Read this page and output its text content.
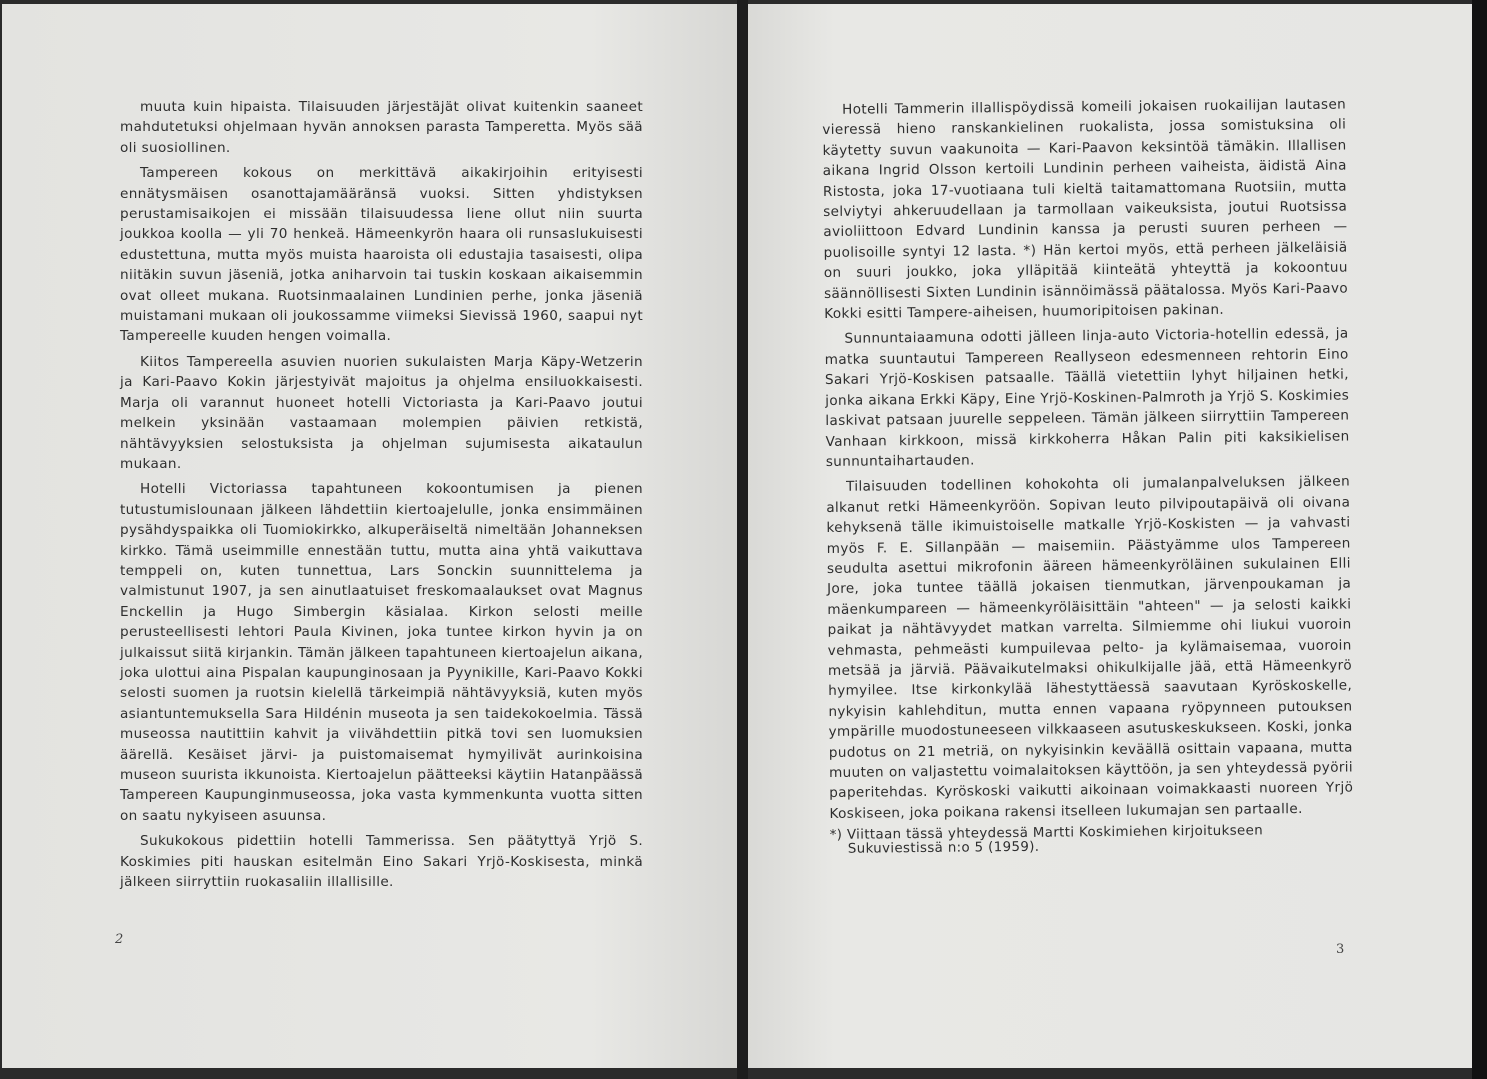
muuta kuin hipaista. Tilaisuuden järjestäjät olivat kuitenkin saaneet mahdutetuksi ohjelmaan hyvän annoksen parasta Tamperetta. Myös sää oli suosiollinen.

Tampereen kokous on merkittävä aikakirjoihin erityisesti ennätysmäisen osanottajamääränsä vuoksi. Sitten yhdistyksen perustamisaikojen ei missään tilaisuudessa liene ollut niin suurta joukkoa koolla — yli 70 henkeä. Hämeenkyrön haara oli runsaslukuisesti edustettuna, mutta myös muista haaroista oli edustajia tasaisesti, olipa niitäkin suvun jäseniä, jotka aniharvoin tai tuskin koskaan aikaisemmin ovat olleet mukana. Ruotsinmaalainen Lundinien perhe, jonka jäseniä muistamani mukaan oli joukossamme viimeksi Sievissä 1960, saapui nyt Tampereelle kuuden hengen voimalla.

Kiitos Tampereella asuvien nuorien sukulaisten Marja Käpy-Wetzerin ja Kari-Paavo Kokin järjestyivät majoitus ja ohjelma ensiluokkaisesti. Marja oli varannut huoneet hotelli Victoriasta ja Kari-Paavo joutui melkein yksinään vastaamaan molempien päivien retkistä, nähtävyyksien selostuksista ja ohjelman sujumisesta aikataulun mukaan.

Hotelli Victoriassa tapahtuneen kokoontumisen ja pienen tutustumislounaan jälkeen lähdettiin kiertoajelulle, jonka ensimmäinen pysähdyspaikka oli Tuomiokirkko, alkuperäiseltä nimeltään Johanneksen kirkko. Tämä useimmille ennestään tuttu, mutta aina yhtä vaikuttava temppeli on, kuten tunnettua, Lars Sonckin suunnittelema ja valmistunut 1907, ja sen ainutlaatuiset freskomaalaukset ovat Magnus Enckellin ja Hugo Simbergin käsialaa. Kirkon selosti meille perusteellisesti lehtori Paula Kivinen, joka tuntee kirkon hyvin ja on julkaissut siitä kirjankin. Tämän jälkeen tapahtuneen kiertoajelun aikana, joka ulottui aina Pispalan kaupunginosaan ja Pyynikille, Kari-Paavo Kokki selosti suomen ja ruotsin kielellä tärkeimpiä nähtävyyksiä, kuten myös asiantuntemuksella Sara Hildénin museota ja sen taidekokoelmia. Tässä museossa nautittiin kahvit ja viivähdettiin pitkä tovi sen luomuksien äärellä. Kesäiset järvi- ja puistomaisemat hymyilivät aurinkoisina museon suurista ikkunoista. Kiertoajelun päätteeksi käytiin Hatanpäässä Tampereen Kaupunginmuseossa, joka vasta kymmenkunta vuotta sitten on saatu nykyiseen asuunsa.

Sukukokous pidettiin hotelli Tammerissa. Sen päätyttyä Yrjö S. Koskimies piti hauskan esitelmän Eino Sakari Yrjö-Koskisesta, minkä jälkeen siirryttiin ruokasaliin illallisille.

2

Hotelli Tammerin illallispöydissä komeili jokaisen ruokailijan lautasen vieressä hieno ranskankielinen ruokalista, jossa somistuksina oli käytetty suvun vaakunoita — Kari-Paavon keksintöä tämäkin. Illallisen aikana Ingrid Olsson kertoili Lundinin perheen vaiheista, äidistä Aina Ristosta, joka 17-vuotiaana tuli kieltä taitamattomana Ruotsiin, mutta selviytyi ahkeruudellaan ja tarmollaan vaikeuksista, joutui Ruotsissa avioliittoon Edvard Lundinin kanssa ja perusti suuren perheen — puolisoille syntyi 12 lasta. *) Hän kertoi myös, että perheen jälkeläisiä on suuri joukko, joka ylläpitää kiinteätä yhteyttä ja kokoontuu säännöllisesti Sixten Lundinin isännöimässä päätalossa. Myös Kari-Paavo Kokki esitti Tampere-aiheisen, huumoripitoisen pakinan.

Sunnuntaiaamuna odotti jälleen linja-auto Victoria-hotellin edessä, ja matka suuntautui Tampereen Reallyseon edesmenneen rehtorin Eino Sakari Yrjö-Koskisen patsaalle. Täällä vietettiin lyhyt hiljainen hetki, jonka aikana Erkki Käpy, Eine Yrjö-Koskinen-Palmroth ja Yrjö S. Koskimies laskivat patsaan juurelle seppeleen. Tämän jälkeen siirryttiin Tampereen Vanhaan kirkkoon, missä kirkkoherra Håkan Palin piti kaksikielisen sunnuntaihartauden.

Tilaisuuden todellinen kohokohta oli jumalanpalveluksen jälkeen alkanut retki Hämeenkyröön. Sopivan leuto pilvipoutapäivä oli oivana kehyksenä tälle ikimuistoiselle matkalle Yrjö-Koskisten — ja vahvasti myös F. E. Sillanpään — maisemiin. Päästyämme ulos Tampereen seudulta asettui mikrofonin ääreen hämeenkyröläinen sukulainen Elli Jore, joka tuntee täällä jokaisen tienmutkan, järvenpoukaman ja mäenkumpareen — hämeenkyröläisittäin "ahteen" — ja selosti kaikki paikat ja nähtävyydet matkan varrelta. Silmiemme ohi liukui vuoroin vehmasta, pehmeästi kumpuilevaa pelto- ja kylämaisemaa, vuoroin metsää ja järviä. Päävaikutelmaksi ohikulkijalle jää, että Hämeenkyrö hymyilee. Itse kirkonkylää lähestyttäessä saavutaan Kyröskoskelle, nykyisin kahlehditun, mutta ennen vapaana ryöpynneen putouksen ympärille muodostuneeseen vilkkaaseen asutuskeskukseen. Koski, jonka pudotus on 21 metriä, on nykyisinkin keväällä osittain vapaana, mutta muuten on valjastettu voimalaitoksen käyttöön, ja sen yhteydessä pyörii paperitehdas. Kyröskoski vaikutti aikoinaan voimakkaasti nuoreen Yrjö Koskiseen, joka poikana rakensi itselleen lukumajan sen partaalle.

*) Viittaan tässä yhteydessä Martti Koskimiehen kirjoitukseen Sukuviestissä n:o 5 (1959).
3
